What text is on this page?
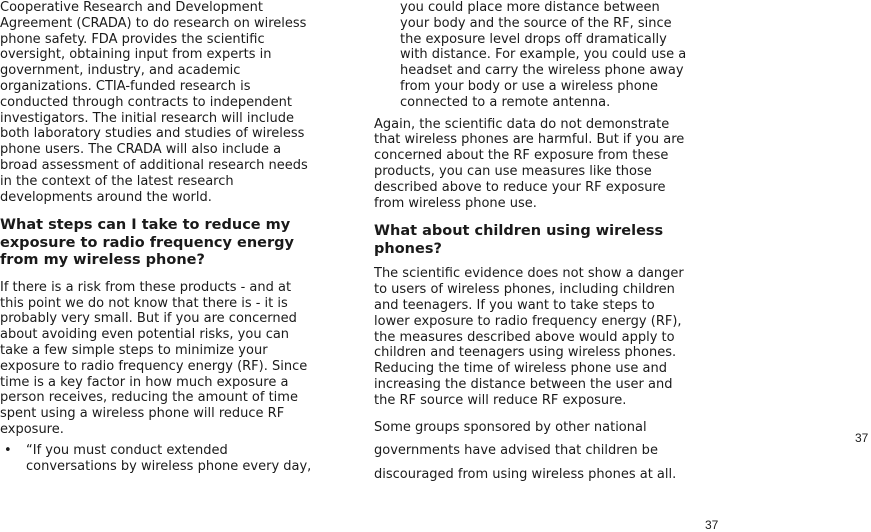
Cooperative Research and Development
Agreement (CRADA) to do research on wireless
phone safety. FDA provides the scientific
oversight, obtaining input from experts in
government, industry, and academic
organizations. CTIA-funded research is
conducted through contracts to independent
investigators. The initial research will include
both laboratory studies and studies of wireless
phone users. The CRADA will also include a
broad assessment of additional research needs
in the context of the latest research
developments around the world.

What steps can I take to reduce my
exposure to radio frequency energy
from my wireless phone?

If there is a risk from these products - and at
this point we do not know that there is - it is
probably very small. But if you are concerned
about avoiding even potential risks, you can
take a few simple steps to minimize your
exposure to radio frequency energy (RF). Since
time is a key factor in how much exposure a
person receives, reducing the amount of time
spent using a wireless phone will reduce RF
exposure.

• “If you must conduct extended
conversations by wireless phone every day,

you could place more distance between
your body and the source of the RF, since
the exposure level drops off dramatically
with distance. For example, you could use a
headset and carry the wireless phone away
from your body or use a wireless phone
connected to a remote antenna.

Again, the scientific data do not demonstrate
that wireless phones are harmful. But if you are
concerned about the RF exposure from these
products, you can use measures like those
described above to reduce your RF exposure
from wireless phone use.

What about children using wireless
phones?

The scientific evidence does not show a danger
to users of wireless phones, including children
and teenagers. If you want to take steps to
lower exposure to radio frequency energy (RF),
the measures described above would apply to
children and teenagers using wireless phones.
Reducing the time of wireless phone use and
increasing the distance between the user and
the RF source will reduce RF exposure.

Some groups sponsored by other national
governments have advised that children be
discouraged from using wireless phones at all.

37
37
